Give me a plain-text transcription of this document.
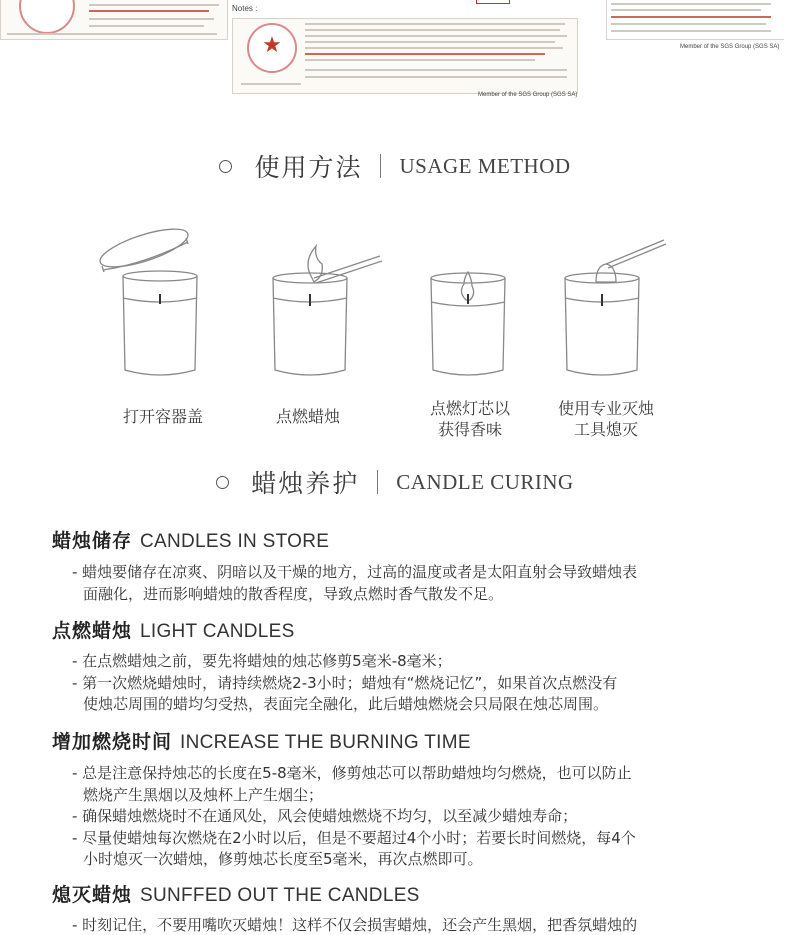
Notes :
★
Member of the SGS Group (SGS SA)
Member of the SGS Group (SGS SA)
使用方法 USAGE METHOD
打开容器盖	点燃蜡烛	点燃灯芯以
获得香味
使用专业灭烛
工具熄灭
蜡烛养护 CANDLE CURING
蜡烛储存 CANDLES IN STORE
- 蜡烛要储存在凉爽、阴暗以及干燥的地方，过高的温度或者是太阳直射会导致蜡烛表
面融化，进而影响蜡烛的散香程度，导致点燃时香气散发不足。
点燃蜡烛 LIGHT CANDLES
- 在点燃蜡烛之前，要先将蜡烛的烛芯修剪5毫米-8毫米；
- 第一次燃烧蜡烛时，请持续燃烧2-3小时；蜡烛有“燃烧记忆”，如果首次点燃没有
使烛芯周围的蜡均匀受热，表面完全融化，此后蜡烛燃烧会只局限在烛芯周围。
增加燃烧时间 INCREASE THE BURNING TIME
- 总是注意保持烛芯的长度在5-8毫米，修剪烛芯可以帮助蜡烛均匀燃烧，也可以防止
燃烧产生黑烟以及烛杯上产生烟尘；
- 确保蜡烛燃烧时不在通风处，风会使蜡烛燃烧不均匀，以至减少蜡烛寿命；
- 尽量使蜡烛每次燃烧在2小时以后，但是不要超过4个小时；若要长时间燃烧，每4个
小时熄灭一次蜡烛，修剪烛芯长度至5毫米，再次点燃即可。
熄灭蜡烛 SUNFFED OUT THE CANDLES
- 时刻记住，不要用嘴吹灭蜡烛！这样不仅会损害蜡烛，还会产生黑烟，把香氛蜡烛的
